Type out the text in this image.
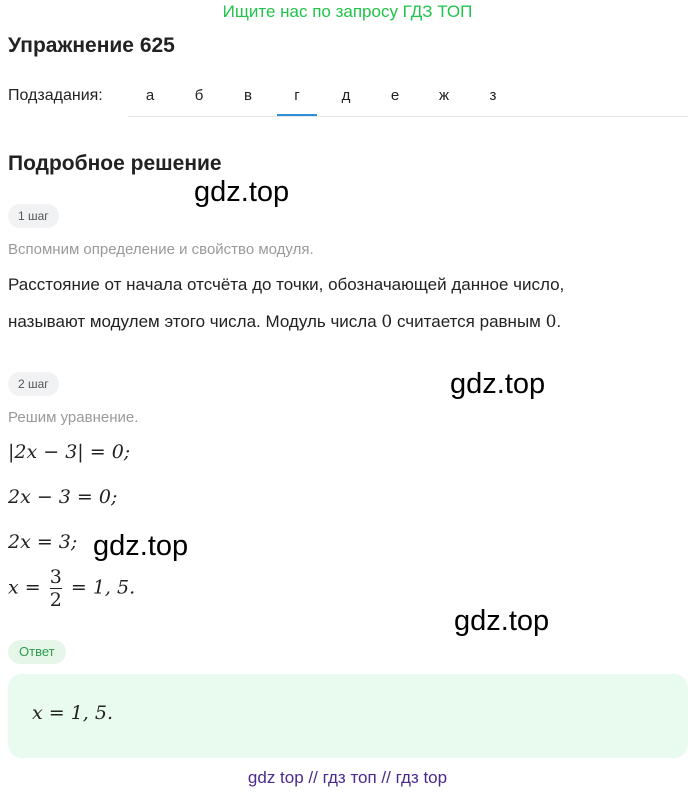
Ищите нас по запросу ГДЗ ТОП
Упражнение 625
Подзадания:	а	б	в	г	д	е	ж	з
Подробное решение
gdz.top
1 шаг
Вспомним определение и свойство модуля.
Расстояние от начала отсчёта до точки, обозначающей данное число,
называют модулем этого числа. Модуль числа 0 считается равным 0.
gdz.top
2 шаг
Решим уравнение.
|2x − 3| = 0;
2x − 3 = 0;
2x = 3; gdz.top
$x = \frac{3}{2} = 1$, 5.
gdz.top
Ответ
x = 1, 5.
gdz top // гдз топ // гдз top
